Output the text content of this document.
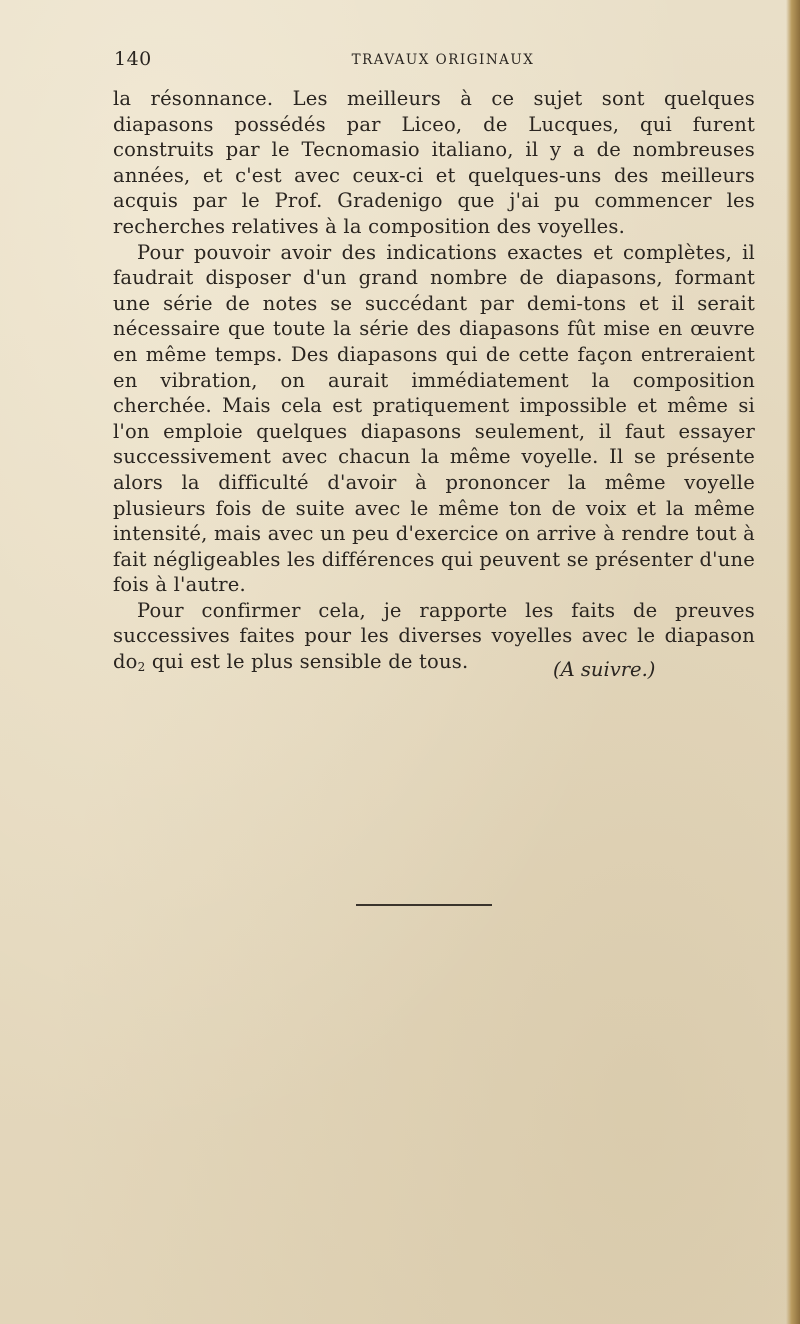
140	TRAVAUX ORIGINAUX

la résonnance. Les meilleurs à ce sujet sont quelques diapasons possédés par Liceo, de Lucques, qui furent construits par le Tecnomasio italiano, il y a de nombreuses années, et c'est avec ceux-ci et quelques-uns des meilleurs acquis par le Prof. Gradenigo que j'ai pu commencer les recherches relatives à la composition des voyelles.

Pour pouvoir avoir des indications exactes et complètes, il faudrait disposer d'un grand nombre de diapasons, formant une série de notes se succédant par demi-tons et il serait nécessaire que toute la série des diapasons fût mise en œuvre en même temps. Des diapasons qui de cette façon entreraient en vibration, on aurait immédiatement la composition cherchée. Mais cela est pratiquement impossible et même si l'on emploie quelques diapasons seulement, il faut essayer successivement avec chacun la même voyelle. Il se présente alors la difficulté d'avoir à prononcer la même voyelle plusieurs fois de suite avec le même ton de voix et la même intensité, mais avec un peu d'exercice on arrive à rendre tout à fait négligeables les différences qui peuvent se présenter d'une fois à l'autre.

Pour confirmer cela, je rapporte les faits de preuves successives faites pour les diverses voyelles avec le diapason $do_2$ qui est le plus sensible de tous.	(A suivre.)
